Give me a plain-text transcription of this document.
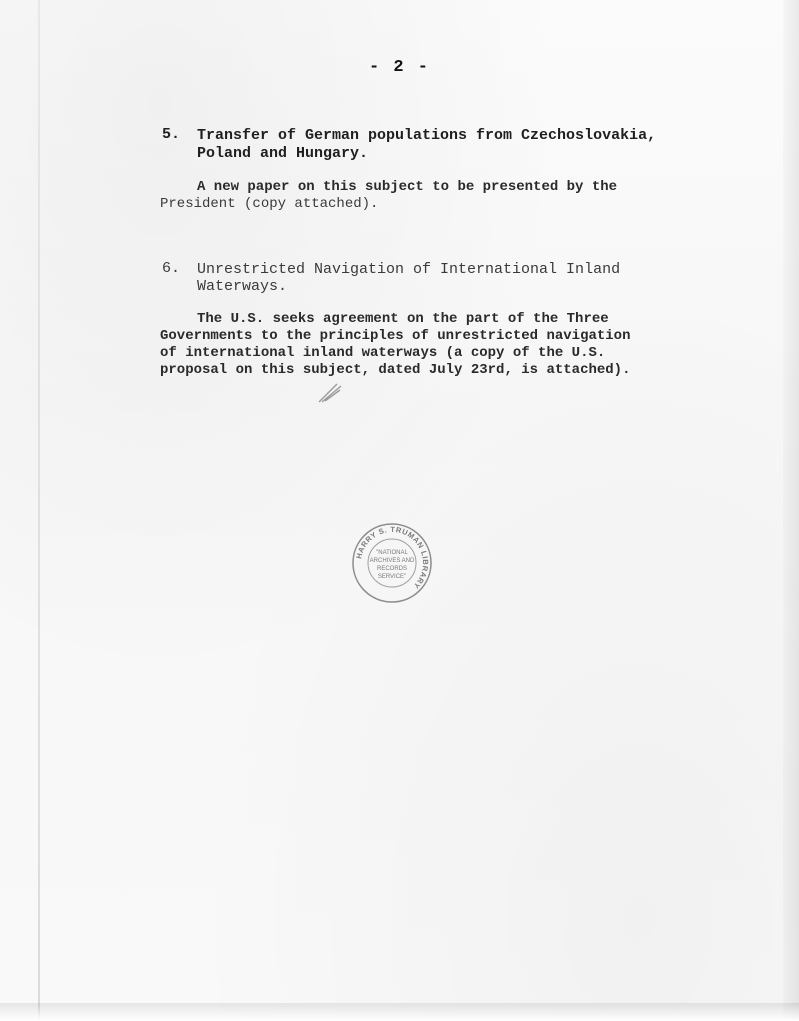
- 2 -
5. Transfer of German populations from Czechoslovakia,
Poland and Hungary.
A new paper on this subject to be presented by the
President (copy attached).
6. Unrestricted Navigation of International Inland
Waterways.
The U.S. seeks agreement on the part of the Three
Governments to the principles of unrestricted navigation
of international inland waterways (a copy of the U.S.
proposal on this subject, dated July 23rd, is attached).
HARRY S. TRUMAN LIBRARY
"NATIONAL
ARCHIVES AND
RECORDS
SERVICE"
